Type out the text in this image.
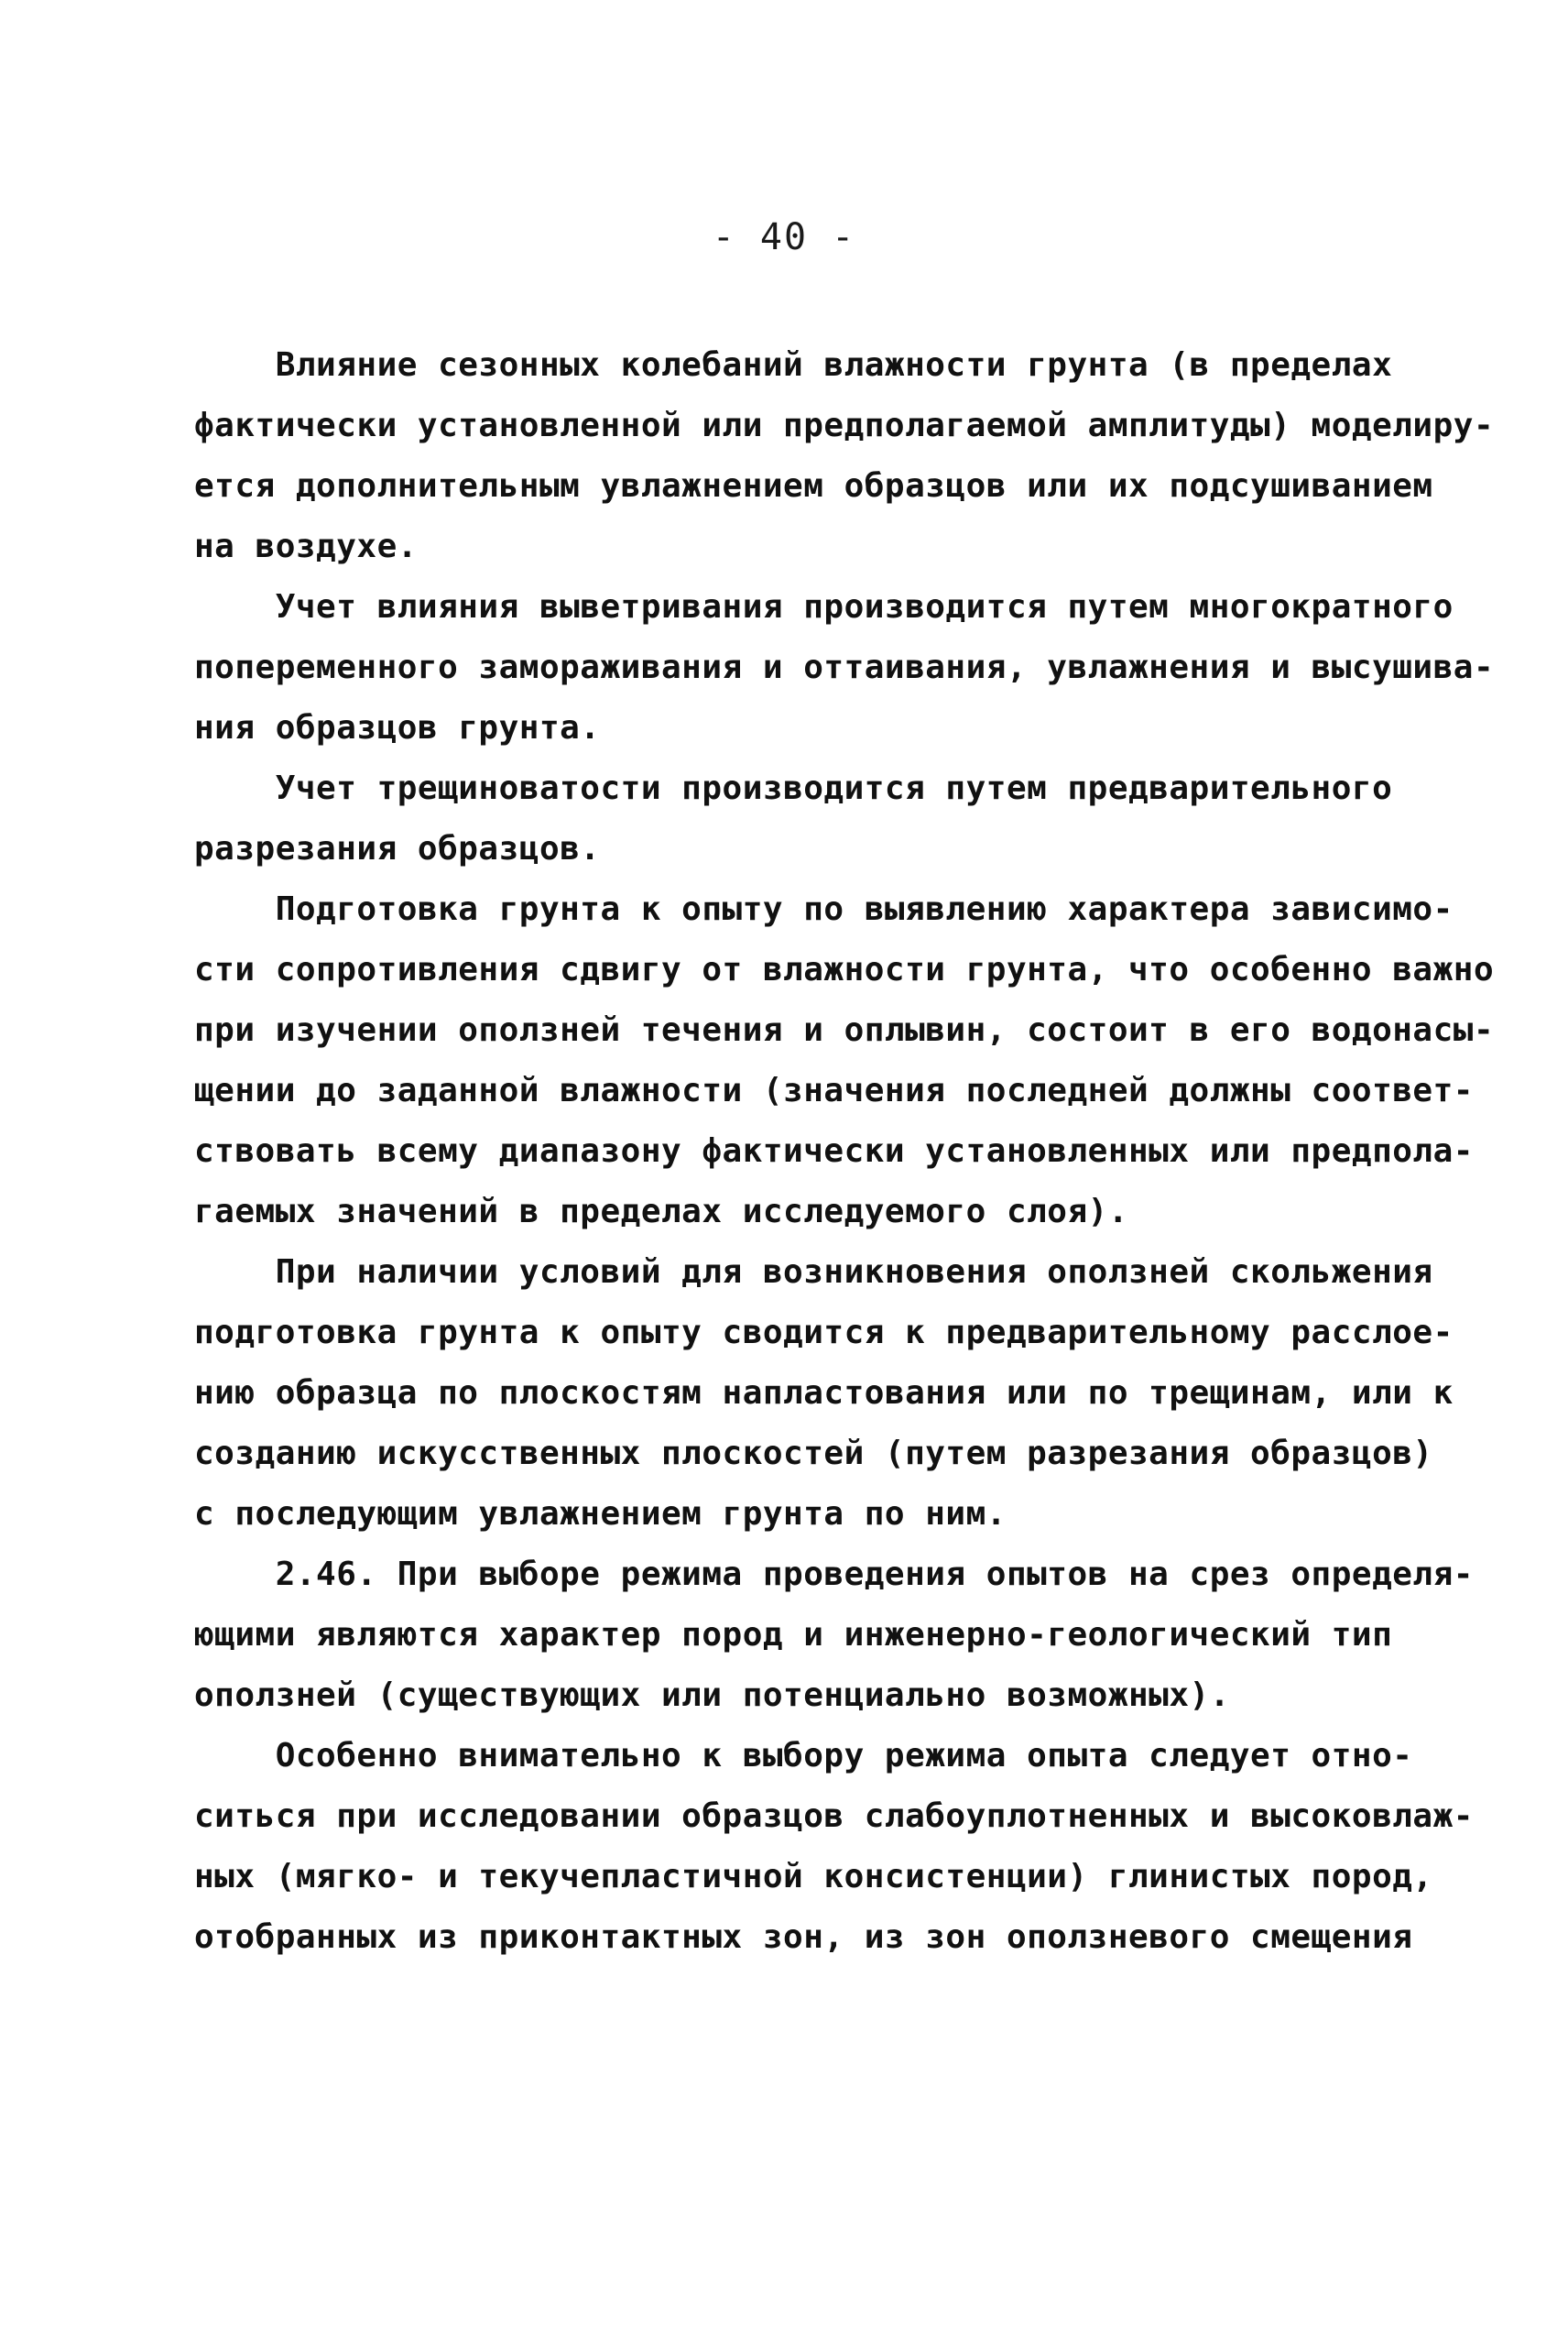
- 40 -
Влияние сезонных колебаний влажности грунта (в пределах
фактически установленной или предполагаемой амплитуды) моделиру-
ется дополнительным увлажнением образцов или их подсушиванием
на воздухе.
Учет влияния выветривания производится путем многократного
попеременного замораживания и оттаивания, увлажнения и высушива-
ния образцов грунта.
Учет трещиноватости производится путем предварительного
разрезания образцов.
Подготовка грунта к опыту по выявлению характера зависимо-
сти сопротивления сдвигу от влажности грунта, что особенно важно
при изучении оползней течения и оплывин, состоит в его водонасы-
щении до заданной влажности (значения последней должны соответ-
ствовать всему диапазону фактически установленных или предпола-
гаемых значений в пределах исследуемого слоя).
При наличии условий для возникновения оползней скольжения
подготовка грунта к опыту сводится к предварительному расслое-
нию образца по плоскостям напластования или по трещинам, или к
созданию искусственных плоскостей (путем разрезания образцов)
с последующим увлажнением грунта по ним.
2.46. При выборе режима проведения опытов на срез определя-
ющими являются характер пород и инженерно-геологический тип
оползней (существующих или потенциально возможных).
Особенно внимательно к выбору режима опыта следует отно-
ситься при исследовании образцов слабоуплотненных и высоковлаж-
ных (мягко- и текучепластичной консистенции) глинистых пород,
отобранных из приконтактных зон, из зон оползневого смещения
